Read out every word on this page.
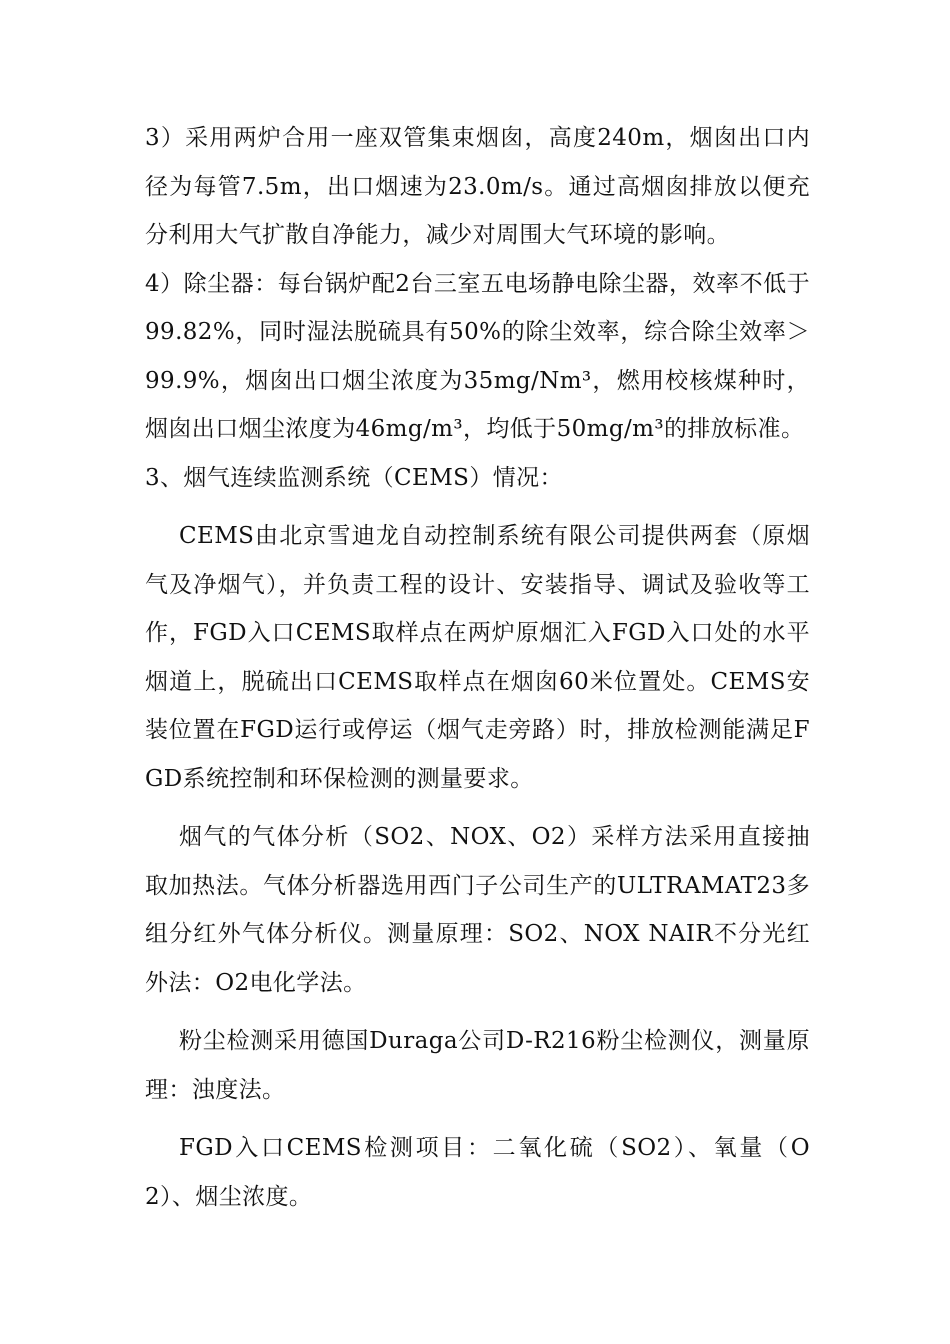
3）采用两炉合用一座双管集束烟囱，高度240m，烟囱出口内径为每管7.5m，出口烟速为23.0m/s。通过高烟囱排放以便充分利用大气扩散自净能力，减少对周围大气环境的影响。

4）除尘器：每台锅炉配2台三室五电场静电除尘器，效率不低于99.82%，同时湿法脱硫具有50%的除尘效率，综合除尘效率＞99.9%，烟囱出口烟尘浓度为35mg/Nm³，燃用校核煤种时，烟囱出口烟尘浓度为46mg/m³，均低于50mg/m³的排放标准。

3、烟气连续监测系统（CEMS）情况：

CEMS由北京雪迪龙自动控制系统有限公司提供两套（原烟气及净烟气），并负责工程的设计、安装指导、调试及验收等工作，FGD入口CEMS取样点在两炉原烟汇入FGD入口处的水平烟道上，脱硫出口CEMS取样点在烟囱60米位置处。CEMS安装位置在FGD运行或停运（烟气走旁路）时，排放检测能满足FGD系统控制和环保检测的测量要求。

烟气的气体分析（SO2、NOX、O2）采样方法采用直接抽取加热法。气体分析器选用西门子公司生产的ULTRAMAT23多组分红外气体分析仪。测量原理：SO2、NOX NAIR不分光红外法：O2电化学法。

粉尘检测采用德国Duraga公司D-R216粉尘检测仪，测量原理：浊度法。

FGD入口CEMS检测项目：二氧化硫（SO2）、氧量（O2）、烟尘浓度。
